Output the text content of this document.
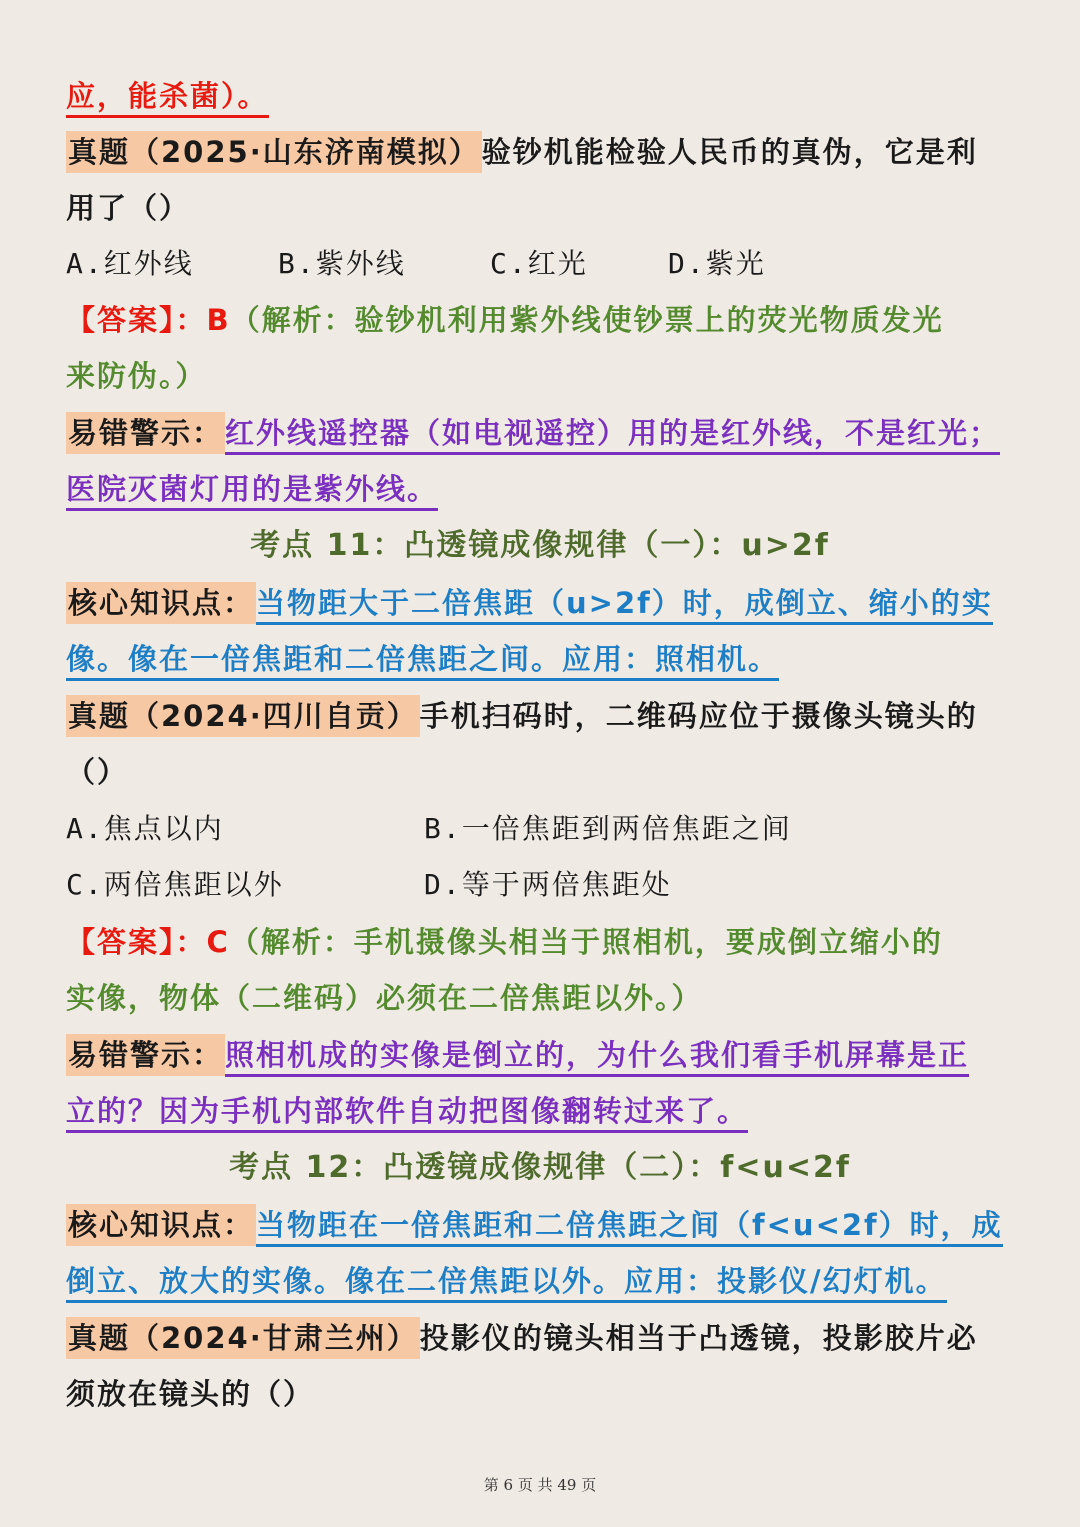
应，能杀菌）。
真题（2025·山东济南模拟）验钞机能检验人民币的真伪，它是利
用了（）
A.红外线	B.紫外线	C.红光	D.紫光
【答案】：B（解析：验钞机利用紫外线使钞票上的荧光物质发光
来防伪。）
易错警示：红外线遥控器（如电视遥控）用的是红外线，不是红光；
医院灭菌灯用的是紫外线。
考点 11：凸透镜成像规律（一）：u>2f
核心知识点：当物距大于二倍焦距（u>2f）时，成倒立、缩小的实
像。像在一倍焦距和二倍焦距之间。应用：照相机。
真题（2024·四川自贡）手机扫码时，二维码应位于摄像头镜头的
（）
A.焦点以内	B.一倍焦距到两倍焦距之间
C.两倍焦距以外	D.等于两倍焦距处
【答案】：C（解析：手机摄像头相当于照相机，要成倒立缩小的
实像，物体（二维码）必须在二倍焦距以外。）
易错警示：照相机成的实像是倒立的，为什么我们看手机屏幕是正
立的？因为手机内部软件自动把图像翻转过来了。
考点 12：凸透镜成像规律（二）：f<u<2f
核心知识点：当物距在一倍焦距和二倍焦距之间（f<u<2f）时，成
倒立、放大的实像。像在二倍焦距以外。应用：投影仪/幻灯机。
真题（2024·甘肃兰州）投影仪的镜头相当于凸透镜，投影胶片必
须放在镜头的（）
第 6 页 共 49 页
